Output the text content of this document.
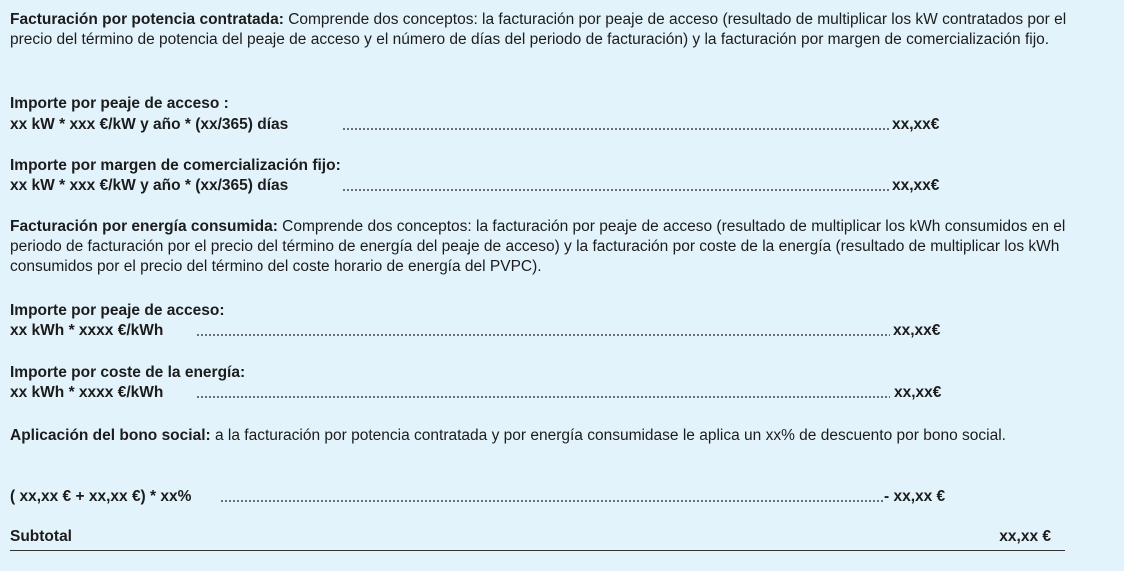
Facturación por potencia contratada: Comprende dos conceptos: la facturación por peaje de acceso (resultado de multiplicar los kW contratados por el precio del término de potencia del peaje de acceso y el número de días del periodo de facturación) y la facturación por margen de comercialización fijo.
Importe por peaje de acceso :
xx kW * xxx €/kW y año * (xx/365) días	xx,xx€
Importe por margen de comercialización fijo:
xx kW * xxx €/kW y año * (xx/365) días	xx,xx€
Facturación por energía consumida: Comprende dos conceptos: la facturación por peaje de acceso (resultado de multiplicar los kWh consumidos en el periodo de facturación por el precio del término de energía del peaje de acceso) y la facturación por coste de la energía (resultado de multiplicar los kWh consumidos por el precio del término del coste horario de energía del PVPC).
Importe por peaje de acceso:
xx kWh * xxxx €/kWh	xx,xx€
Importe por coste de la energía:
xx kWh * xxxx €/kWh	xx,xx€
Aplicación del bono social: a la facturación por potencia contratada y por energía consumidase le aplica un xx% de descuento por bono social.
( xx,xx € + xx,xx €) * xx%	- xx,xx €
Subtotal	xx,xx €
